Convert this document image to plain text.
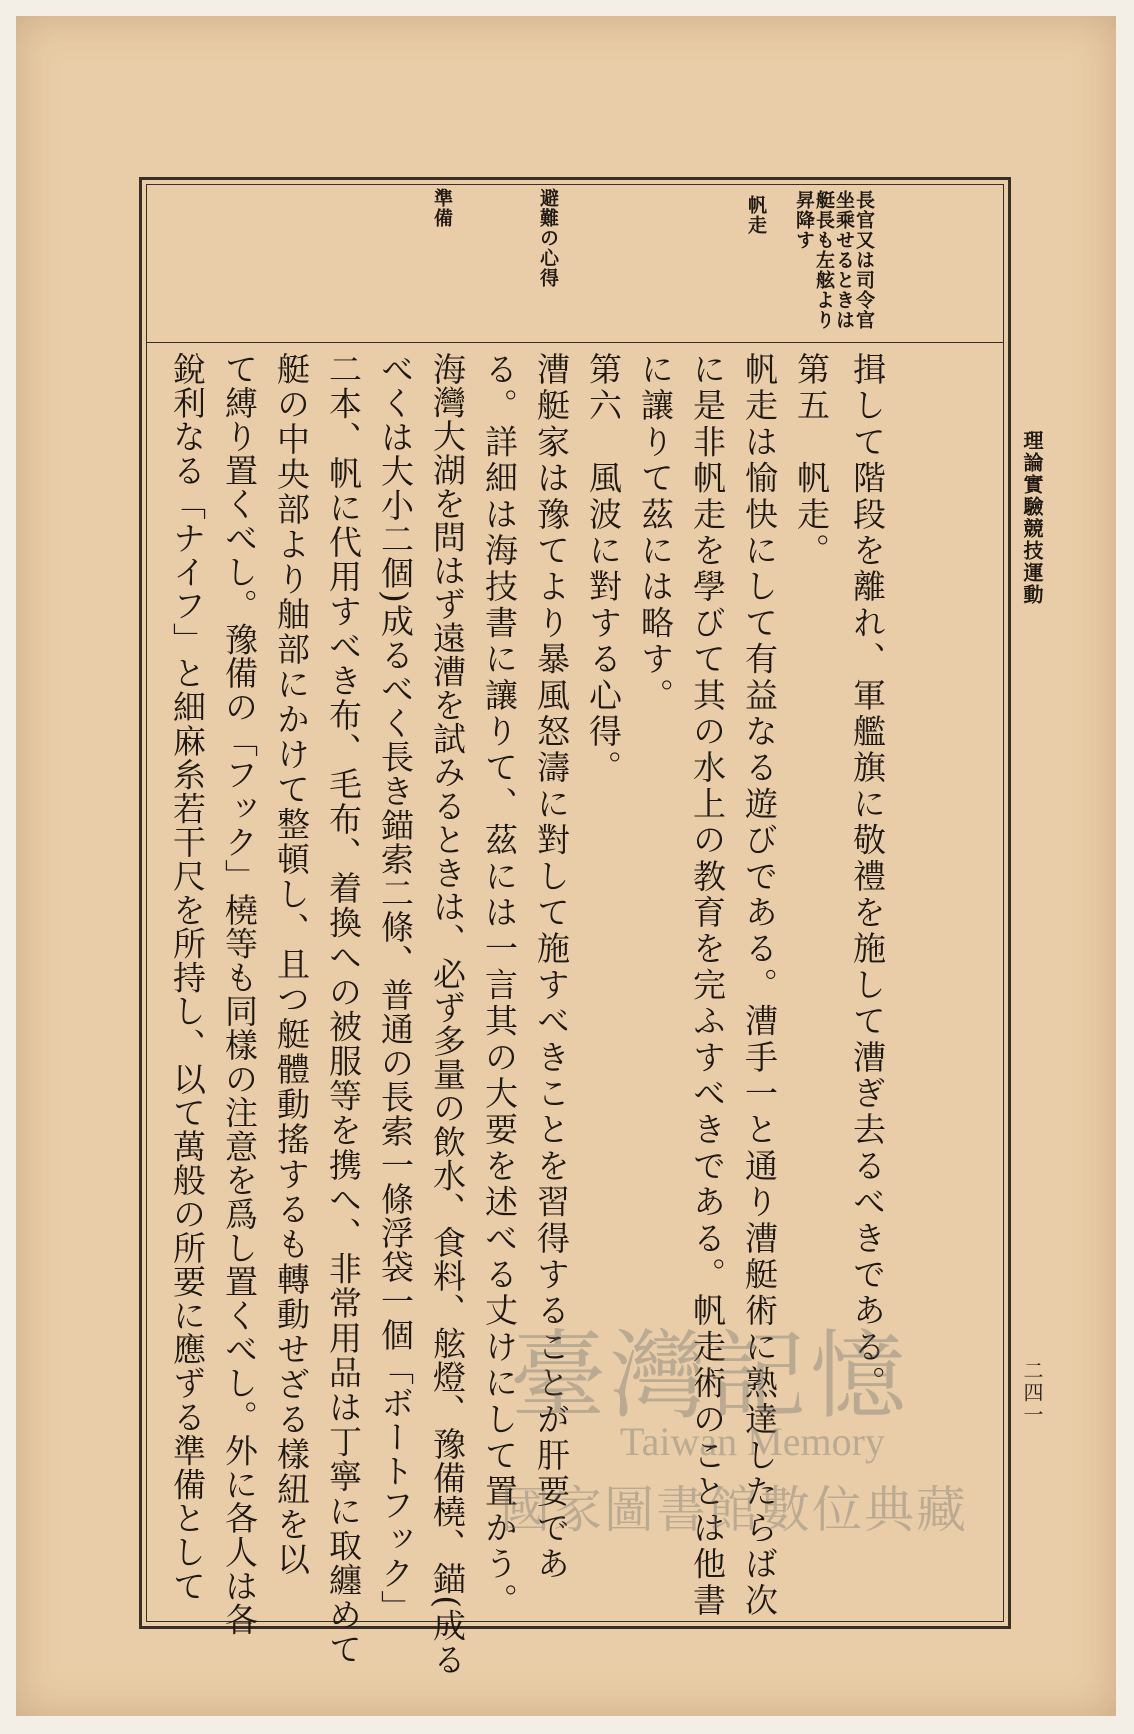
理論實驗競技運動
二四一
長官又は司令官坐乘せるときは艇長も左舷より昇降す
帆走
避難の心得
準備
揖して階段を離れ、軍艦旗に敬禮を施して漕ぎ去るべきである。
第五　帆走。
帆走は愉快にして有益なる遊びである。漕手一と通り漕艇術に熟達したらば次
に是非帆走を學びて其の水上の教育を完ふすべきである。帆走術のことは他書
に讓りて茲には略す。
第六　風波に對する心得。
漕艇家は豫てより暴風怒濤に對して施すべきことを習得することが肝要であ
る。詳細は海技書に讓りて、茲には一言其の大要を述べる丈けにして置かう。
海灣大湖を問はず遠漕を試みるときは、必ず多量の飲水、食料、舷燈、豫備橈、錨(成る
べくは大小二個)成るべく長き錨索二條、普通の長索一條浮袋一個「ボートフック」
二本、帆に代用すべき布、毛布、着換への被服等を携へ、非常用品は丁寧に取纏めて
艇の中央部より舳部にかけて整頓し、且つ艇體動搖するも轉動せざる樣紐を以
て縛り置くべし。豫備の「フック」橈等も同樣の注意を爲し置くべし。外に各人は各
銳利なる「ナイフ」と細麻糸若干尺を所持し、以て萬般の所要に應ずる準備として	臺灣記憶
Taiwan Memory
國家圖書館數位典藏
